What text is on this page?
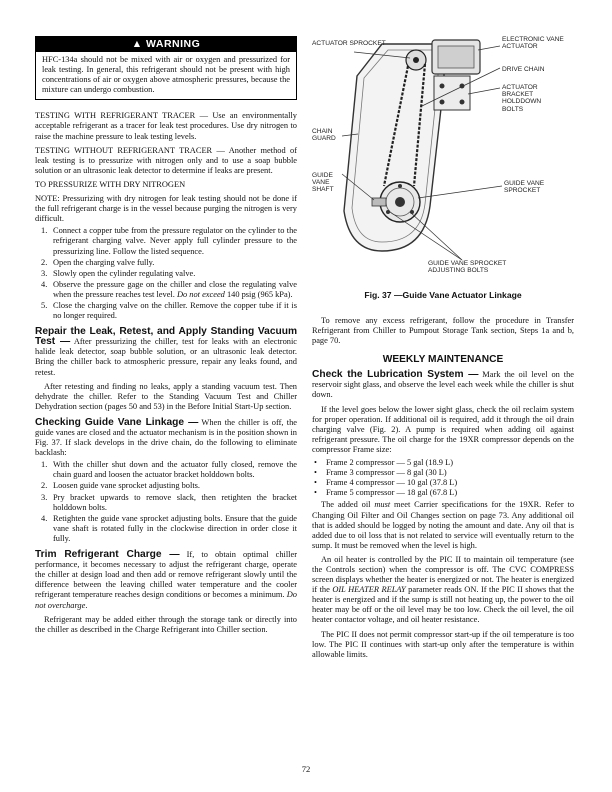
▲ WARNING

HFC-134a should not be mixed with air or oxygen and pressurized for leak testing. In general, this refrigerant should not be present with high concentrations of air or oxygen above atmospheric pressures, because the mixture can undergo combustion.

TESTING WITH REFRIGERANT TRACER — Use an environmentally acceptable refrigerant as a tracer for leak test procedures. Use dry nitrogen to raise the machine pressure to leak testing levels.

TESTING WITHOUT REFRIGERANT TRACER — Another method of leak testing is to pressurize with nitrogen only and to use a soap bubble solution or an ultrasonic leak detector to determine if leaks are present.

TO PRESSURIZE WITH DRY NITROGEN

NOTE: Pressurizing with dry nitrogen for leak testing should not be done if the full refrigerant charge is in the vessel because purging the nitrogen is very difficult.

1. Connect a copper tube from the pressure regulator on the cylinder to the refrigerant charging valve. Never apply full cylinder pressure to the pressurizing line. Follow the listed sequence.
2. Open the charging valve fully.
3. Slowly open the cylinder regulating valve.
4. Observe the pressure gage on the chiller and close the regulating valve when the pressure reaches test level. Do not exceed 140 psig (965 kPa).
5. Close the charging valve on the chiller. Remove the copper tube if it is no longer required.

Repair the Leak, Retest, and Apply Standing Vacuum Test — After pressurizing the chiller, test for leaks with an electronic halide leak detector, soap bubble solution, or an ultrasonic leak detector. Bring the chiller back to atmospheric pressure, repair any leaks found, and retest.

After retesting and finding no leaks, apply a standing vacuum test. Then dehydrate the chiller. Refer to the Standing Vacuum Test and Chiller Dehydration section (pages 50 and 53) in the Before Initial Start-Up section.

Checking Guide Vane Linkage — When the chiller is off, the guide vanes are closed and the actuator mechanism is in the position shown in Fig. 37. If slack develops in the drive chain, do the following to eliminate backlash:

1. With the chiller shut down and the actuator fully closed, remove the chain guard and loosen the actuator bracket holddown bolts.
2. Loosen guide vane sprocket adjusting bolts.
3. Pry bracket upwards to remove slack, then retighten the bracket holddown bolts.
4. Retighten the guide vane sprocket adjusting bolts. Ensure that the guide vane shaft is rotated fully in the clockwise direction in order close it fully.

Trim Refrigerant Charge — If, to obtain optimal chiller performance, it becomes necessary to adjust the refrigerant charge, operate the chiller at design load and then add or remove refrigerant slowly until the difference between the leaving chilled water temperature and the cooler refrigerant temperature reaches design conditions or becomes a minimum. Do not overcharge.

Refrigerant may be added either through the storage tank or directly into the chiller as described in the Charge Refrigerant into Chiller section.

ACTUATOR SPROCKET
ELECTRONIC VANE ACTUATOR
DRIVE CHAIN
ACTUATOR BRACKET HOLDDOWN BOLTS
CHAIN GUARD
GUIDE VANE SHAFT
GUIDE VANE SPROCKET
GUIDE VANE SPROCKET ADJUSTING BOLTS
Fig. 37 —Guide Vane Actuator Linkage

To remove any excess refrigerant, follow the procedure in Transfer Refrigerant from Chiller to Pumpout Storage Tank section, Steps 1a and b, page 70.

WEEKLY MAINTENANCE

Check the Lubrication System — Mark the oil level on the reservoir sight glass, and observe the level each week while the chiller is shut down.

If the level goes below the lower sight glass, check the oil reclaim system for proper operation. If additional oil is required, add it through the oil drain charging valve (Fig. 2). A pump is required when adding oil against refrigerant pressure. The oil charge for the 19XR compressor depends on the compressor Frame size:

• Frame 2 compressor — 5 gal (18.9 L)
• Frame 3 compressor — 8 gal (30 L)
• Frame 4 compressor — 10 gal (37.8 L)
• Frame 5 compressor — 18 gal (67.8 L)

The added oil must meet Carrier specifications for the 19XR. Refer to Changing Oil Filter and Oil Changes section on page 73. Any additional oil that is added should be logged by noting the amount and date. Any oil that is added due to oil loss that is not related to service will eventually return to the sump. It must be removed when the level is high.

An oil heater is controlled by the PIC II to maintain oil temperature (see the Controls section) when the compressor is off. The CVC COMPRESS screen displays whether the heater is energized or not. The heater is energized if the OIL HEATER RELAY parameter reads ON. If the PIC II shows that the heater is energized and if the sump is still not heating up, the power to the oil heater may be off or the oil level may be too low. Check the oil level, the oil heater contactor voltage, and oil heater resistance.

The PIC II does not permit compressor start-up if the oil temperature is too low. The PIC II continues with start-up only after the temperature is within allowable limits.

72
